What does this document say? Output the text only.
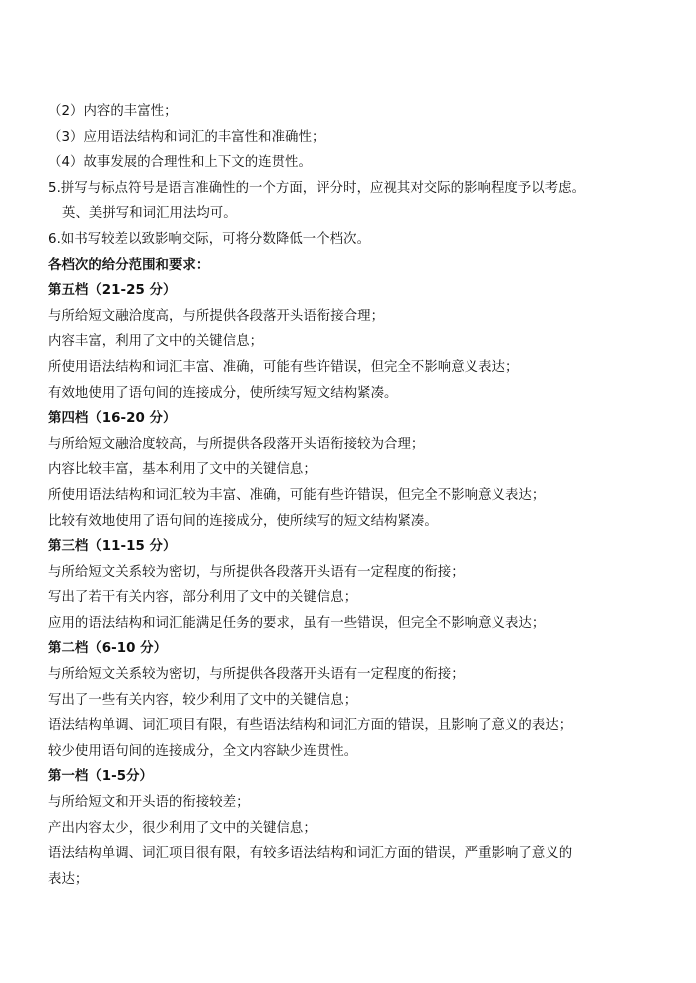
（2）内容的丰富性；
（3）应用语法结构和词汇的丰富性和准确性；
（4）故事发展的合理性和上下文的连贯性。
5.拼写与标点符号是语言准确性的一个方面，评分时，应视其对交际的影响程度予以考虑。
英、美拼写和词汇用法均可。
6.如书写较差以致影响交际，可将分数降低一个档次。
各档次的给分范围和要求：
第五档（21-25 分）
与所给短文融洽度高，与所提供各段落开头语衔接合理；
内容丰富，利用了文中的关键信息；
所使用语法结构和词汇丰富、准确，可能有些许错误，但完全不影响意义表达；
有效地使用了语句间的连接成分，使所续写短文结构紧凑。
第四档（16-20 分）
与所给短文融洽度较高，与所提供各段落开头语衔接较为合理；
内容比较丰富，基本利用了文中的关键信息；
所使用语法结构和词汇较为丰富、准确，可能有些许错误，但完全不影响意义表达；
比较有效地使用了语句间的连接成分，使所续写的短文结构紧凑。
第三档（11-15 分）
与所给短文关系较为密切，与所提供各段落开头语有一定程度的衔接；
写出了若干有关内容，部分利用了文中的关键信息；
应用的语法结构和词汇能满足任务的要求，虽有一些错误，但完全不影响意义表达；
第二档（6-10 分）
与所给短文关系较为密切，与所提供各段落开头语有一定程度的衔接；
写出了一些有关内容，较少利用了文中的关键信息；
语法结构单调、词汇项目有限，有些语法结构和词汇方面的错误，且影响了意义的表达；
较少使用语句间的连接成分，全文内容缺少连贯性。
第一档（1-5分）
与所给短文和开头语的衔接较差；
产出内容太少，很少利用了文中的关键信息；
语法结构单调、词汇项目很有限，有较多语法结构和词汇方面的错误，严重影响了意义的
表达；
